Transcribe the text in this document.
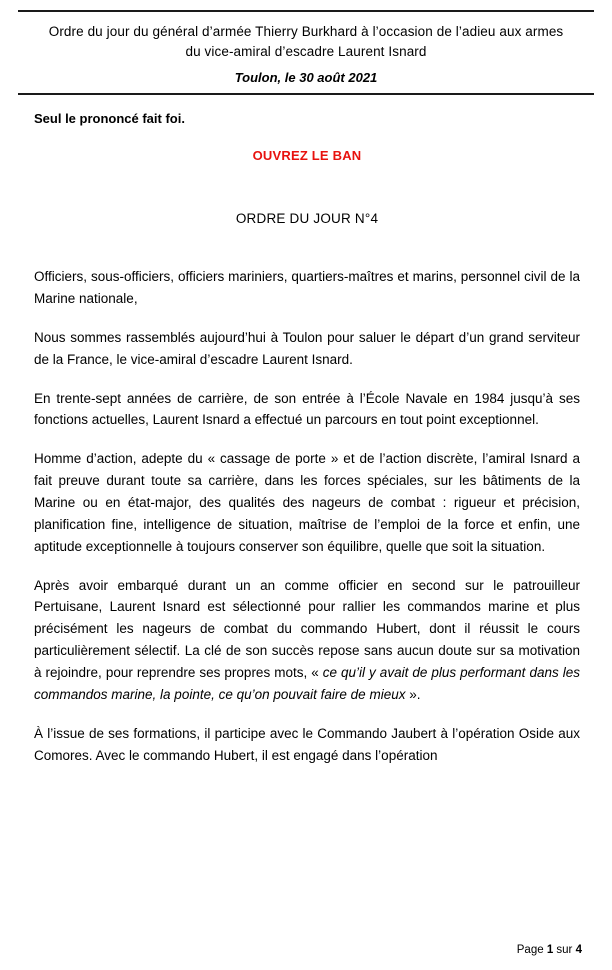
Ordre du jour du général d’armée Thierry Burkhard à l’occasion de l’adieu aux armes du vice-amiral d’escadre Laurent Isnard
Toulon, le 30 août 2021
Seul le prononcé fait foi.
OUVREZ LE BAN
ORDRE DU JOUR N°4

Officiers, sous-officiers, officiers mariniers, quartiers-maîtres et marins, personnel civil de la Marine nationale,

Nous sommes rassemblés aujourd’hui à Toulon pour saluer le départ d’un grand serviteur de la France, le vice-amiral d’escadre Laurent Isnard.

En trente-sept années de carrière, de son entrée à l’École Navale en 1984 jusqu’à ses fonctions actuelles, Laurent Isnard a effectué un parcours en tout point exceptionnel.

Homme d’action, adepte du « cassage de porte » et de l’action discrète, l’amiral Isnard a fait preuve durant toute sa carrière, dans les forces spéciales, sur les bâtiments de la Marine ou en état-major, des qualités des nageurs de combat : rigueur et précision, planification fine, intelligence de situation, maîtrise de l’emploi de la force et enfin, une aptitude exceptionnelle à toujours conserver son équilibre, quelle que soit la situation.

Après avoir embarqué durant un an comme officier en second sur le patrouilleur Pertuisane, Laurent Isnard est sélectionné pour rallier les commandos marine et plus précisément les nageurs de combat du commando Hubert, dont il réussit le cours particulièrement sélectif. La clé de son succès repose sans aucun doute sur sa motivation à rejoindre, pour reprendre ses propres mots, « ce qu’il y avait de plus performant dans les commandos marine, la pointe, ce qu’on pouvait faire de mieux ».

À l’issue de ses formations, il participe avec le Commando Jaubert à l’opération Oside aux Comores. Avec le commando Hubert, il est engagé dans l’opération

Page 1 sur 4
